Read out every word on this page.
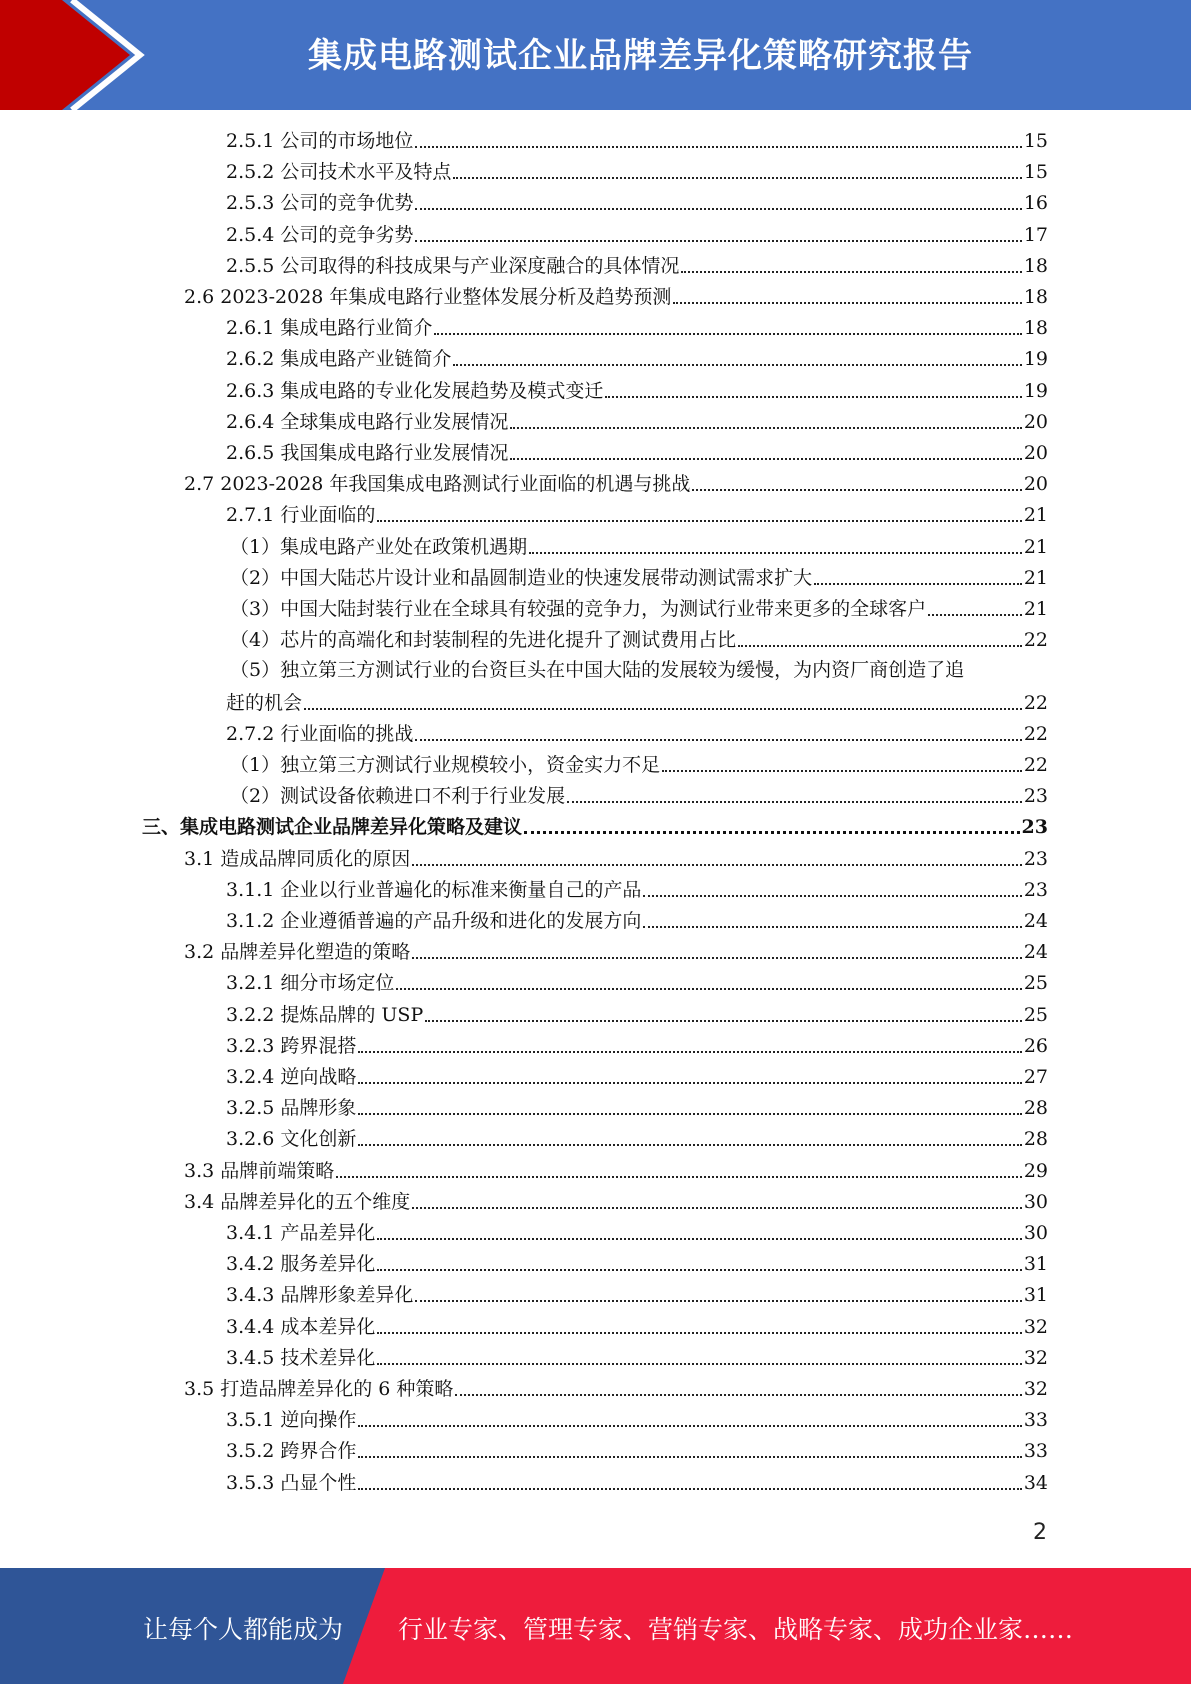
集成电路测试企业品牌差异化策略研究报告
2.5.1 公司的市场地位	15
2.5.2 公司技术水平及特点	15
2.5.3 公司的竞争优势	16
2.5.4 公司的竞争劣势	17
2.5.5 公司取得的科技成果与产业深度融合的具体情况	18
2.6 2023-2028 年集成电路行业整体发展分析及趋势预测	18
2.6.1 集成电路行业简介	18
2.6.2 集成电路产业链简介	19
2.6.3 集成电路的专业化发展趋势及模式变迁	19
2.6.4 全球集成电路行业发展情况	20
2.6.5 我国集成电路行业发展情况	20
2.7 2023-2028 年我国集成电路测试行业面临的机遇与挑战	20
2.7.1 行业面临的	21
（1）集成电路产业处在政策机遇期	21
（2）中国大陆芯片设计业和晶圆制造业的快速发展带动测试需求扩大	21
（3）中国大陆封装行业在全球具有较强的竞争力，为测试行业带来更多的全球客户	21
（4）芯片的高端化和封装制程的先进化提升了测试费用占比	22
（5）独立第三方测试行业的台资巨头在中国大陆的发展较为缓慢，为内资厂商创造了追
赶的机会	22
2.7.2 行业面临的挑战	22
（1）独立第三方测试行业规模较小，资金实力不足	22
（2）测试设备依赖进口不利于行业发展	23
三、集成电路测试企业品牌差异化策略及建议	23
3.1 造成品牌同质化的原因	23
3.1.1 企业以行业普遍化的标准来衡量自己的产品	23
3.1.2 企业遵循普遍的产品升级和进化的发展方向	24
3.2 品牌差异化塑造的策略	24
3.2.1 细分市场定位	25
3.2.2 提炼品牌的 USP	25
3.2.3 跨界混搭	26
3.2.4 逆向战略	27
3.2.5 品牌形象	28
3.2.6 文化创新	28
3.3 品牌前端策略	29
3.4 品牌差异化的五个维度	30
3.4.1 产品差异化	30
3.4.2 服务差异化	31
3.4.3 品牌形象差异化	31
3.4.4 成本差异化	32
3.4.5 技术差异化	32
3.5 打造品牌差异化的 6 种策略	32
3.5.1 逆向操作	33
3.5.2 跨界合作	33
3.5.3 凸显个性	34
2
让每个人都能成为 行业专家、管理专家、营销专家、战略专家、成功企业家……
